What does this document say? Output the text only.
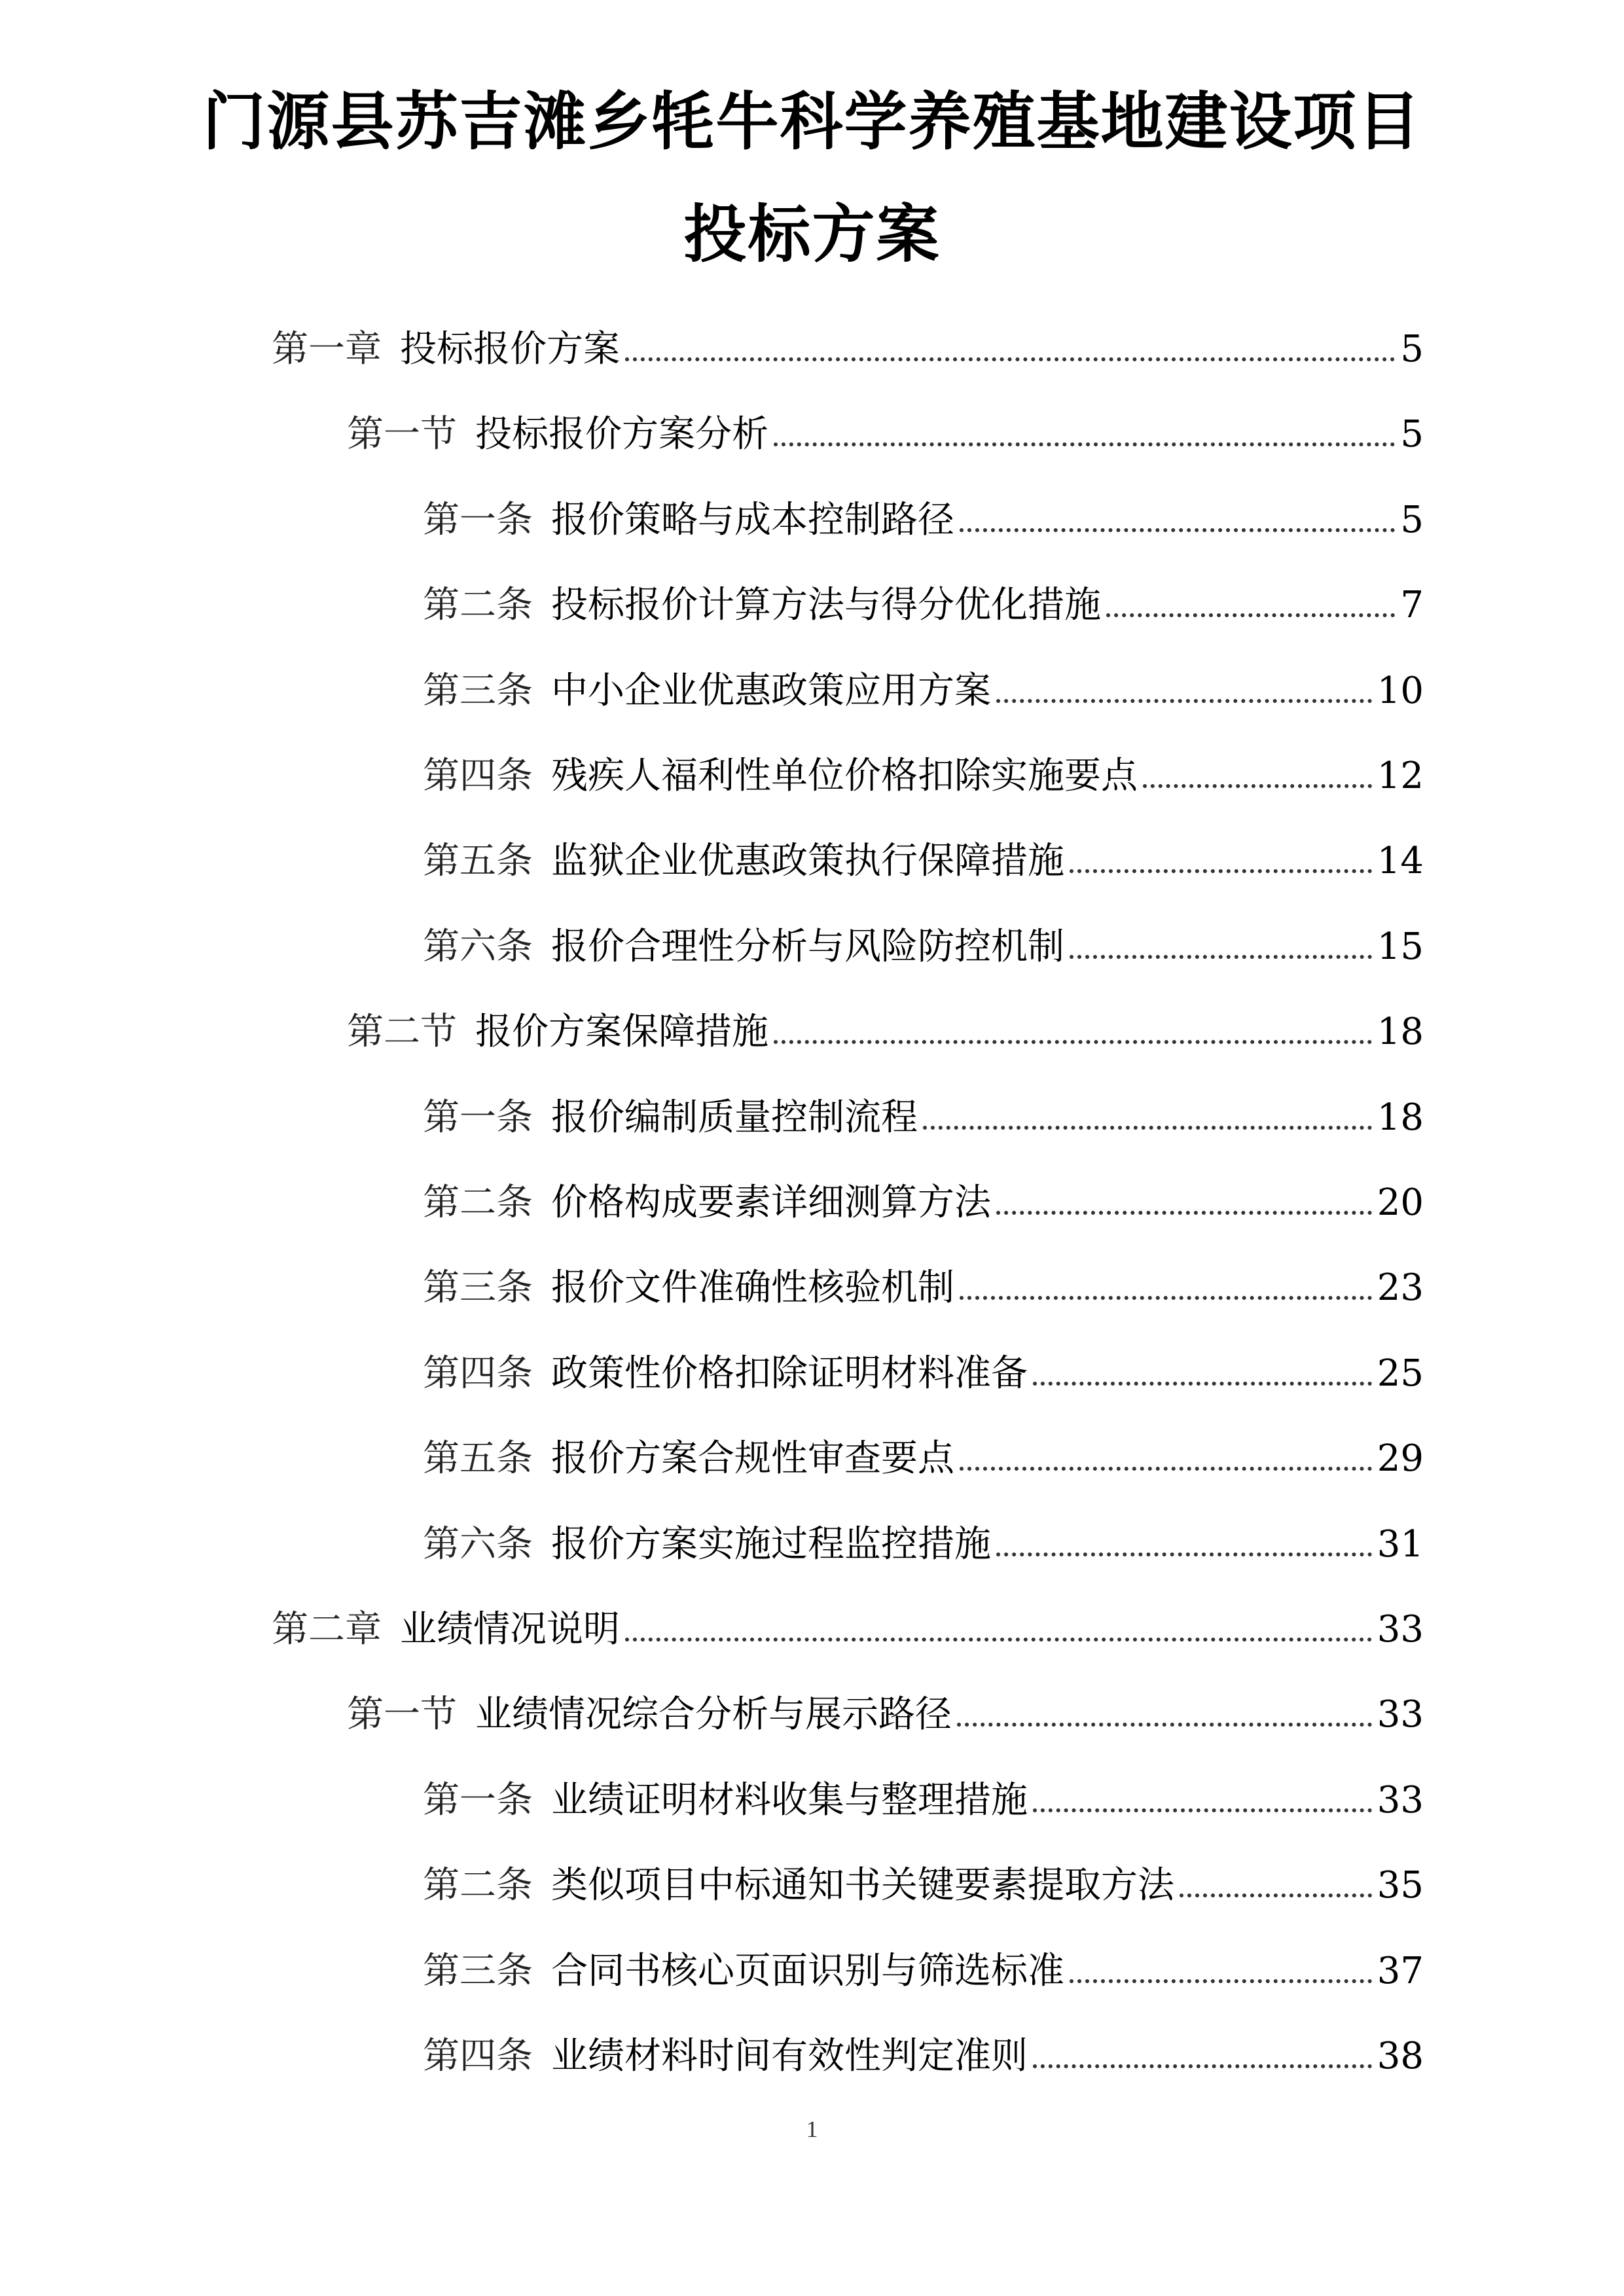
门源县苏吉滩乡牦牛科学养殖基地建设项目
投标方案
第一章 投标报价方案	5
第一节 投标报价方案分析	5
第一条 报价策略与成本控制路径	5
第二条 投标报价计算方法与得分优化措施	7
第三条 中小企业优惠政策应用方案	10
第四条 残疾人福利性单位价格扣除实施要点	12
第五条 监狱企业优惠政策执行保障措施	14
第六条 报价合理性分析与风险防控机制	15
第二节 报价方案保障措施	18
第一条 报价编制质量控制流程	18
第二条 价格构成要素详细测算方法	20
第三条 报价文件准确性核验机制	23
第四条 政策性价格扣除证明材料准备	25
第五条 报价方案合规性审查要点	29
第六条 报价方案实施过程监控措施	31
第二章 业绩情况说明	33
第一节 业绩情况综合分析与展示路径	33
第一条 业绩证明材料收集与整理措施	33
第二条 类似项目中标通知书关键要素提取方法	35
第三条 合同书核心页面识别与筛选标准	37
第四条 业绩材料时间有效性判定准则	38
1
